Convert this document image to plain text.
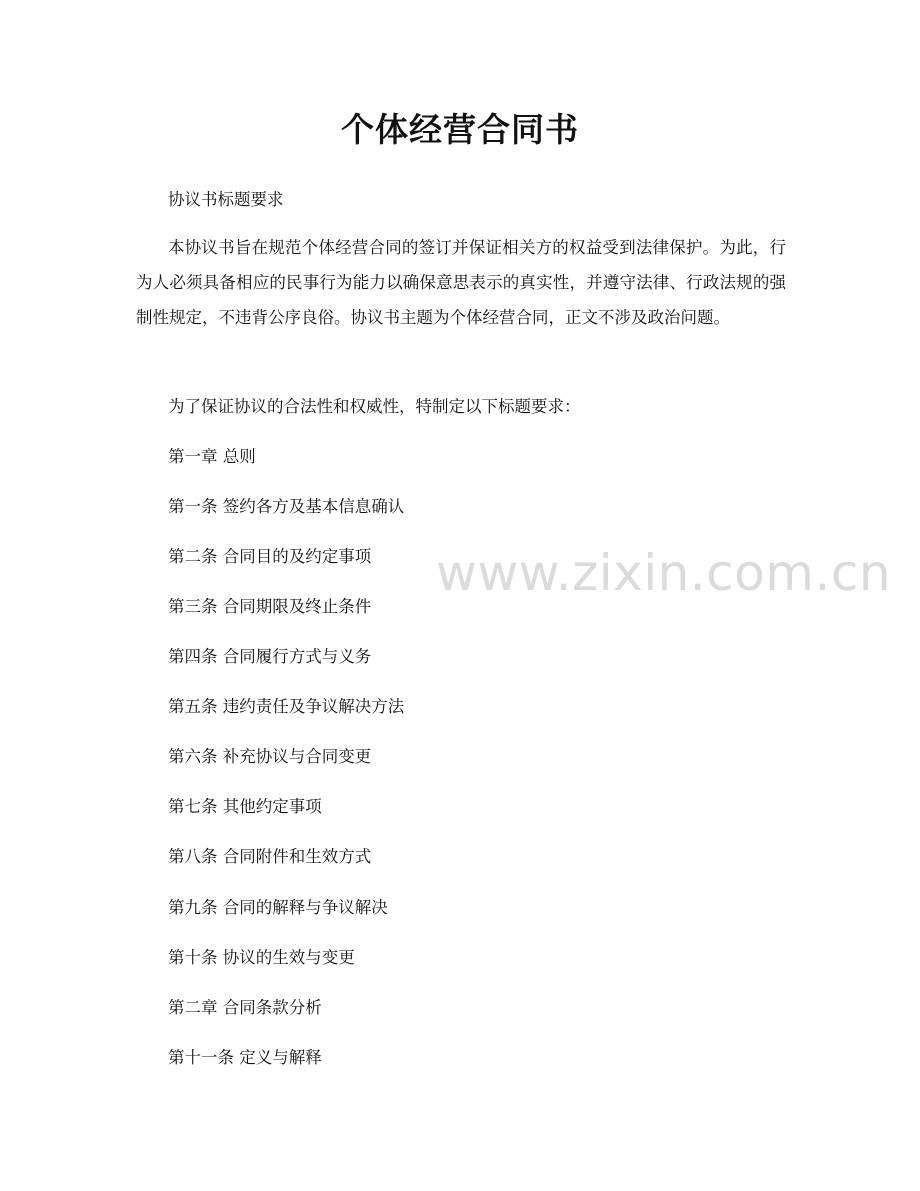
个体经营合同书
www.zixin.com.cn

协议书标题要求

本协议书旨在规范个体经营合同的签订并保证相关方的权益受到法律保护。为此，行为人必须具备相应的民事行为能力以确保意思表示的真实性，并遵守法律、行政法规的强制性规定，不违背公序良俗。协议书主题为个体经营合同，正文不涉及政治问题。

为了保证协议的合法性和权威性，特制定以下标题要求：

第一章 总则

第一条 签约各方及基本信息确认

第二条 合同目的及约定事项

第三条 合同期限及终止条件

第四条 合同履行方式与义务

第五条 违约责任及争议解决方法

第六条 补充协议与合同变更

第七条 其他约定事项

第八条 合同附件和生效方式

第九条 合同的解释与争议解决

第十条 协议的生效与变更

第二章 合同条款分析

第十一条 定义与解释
